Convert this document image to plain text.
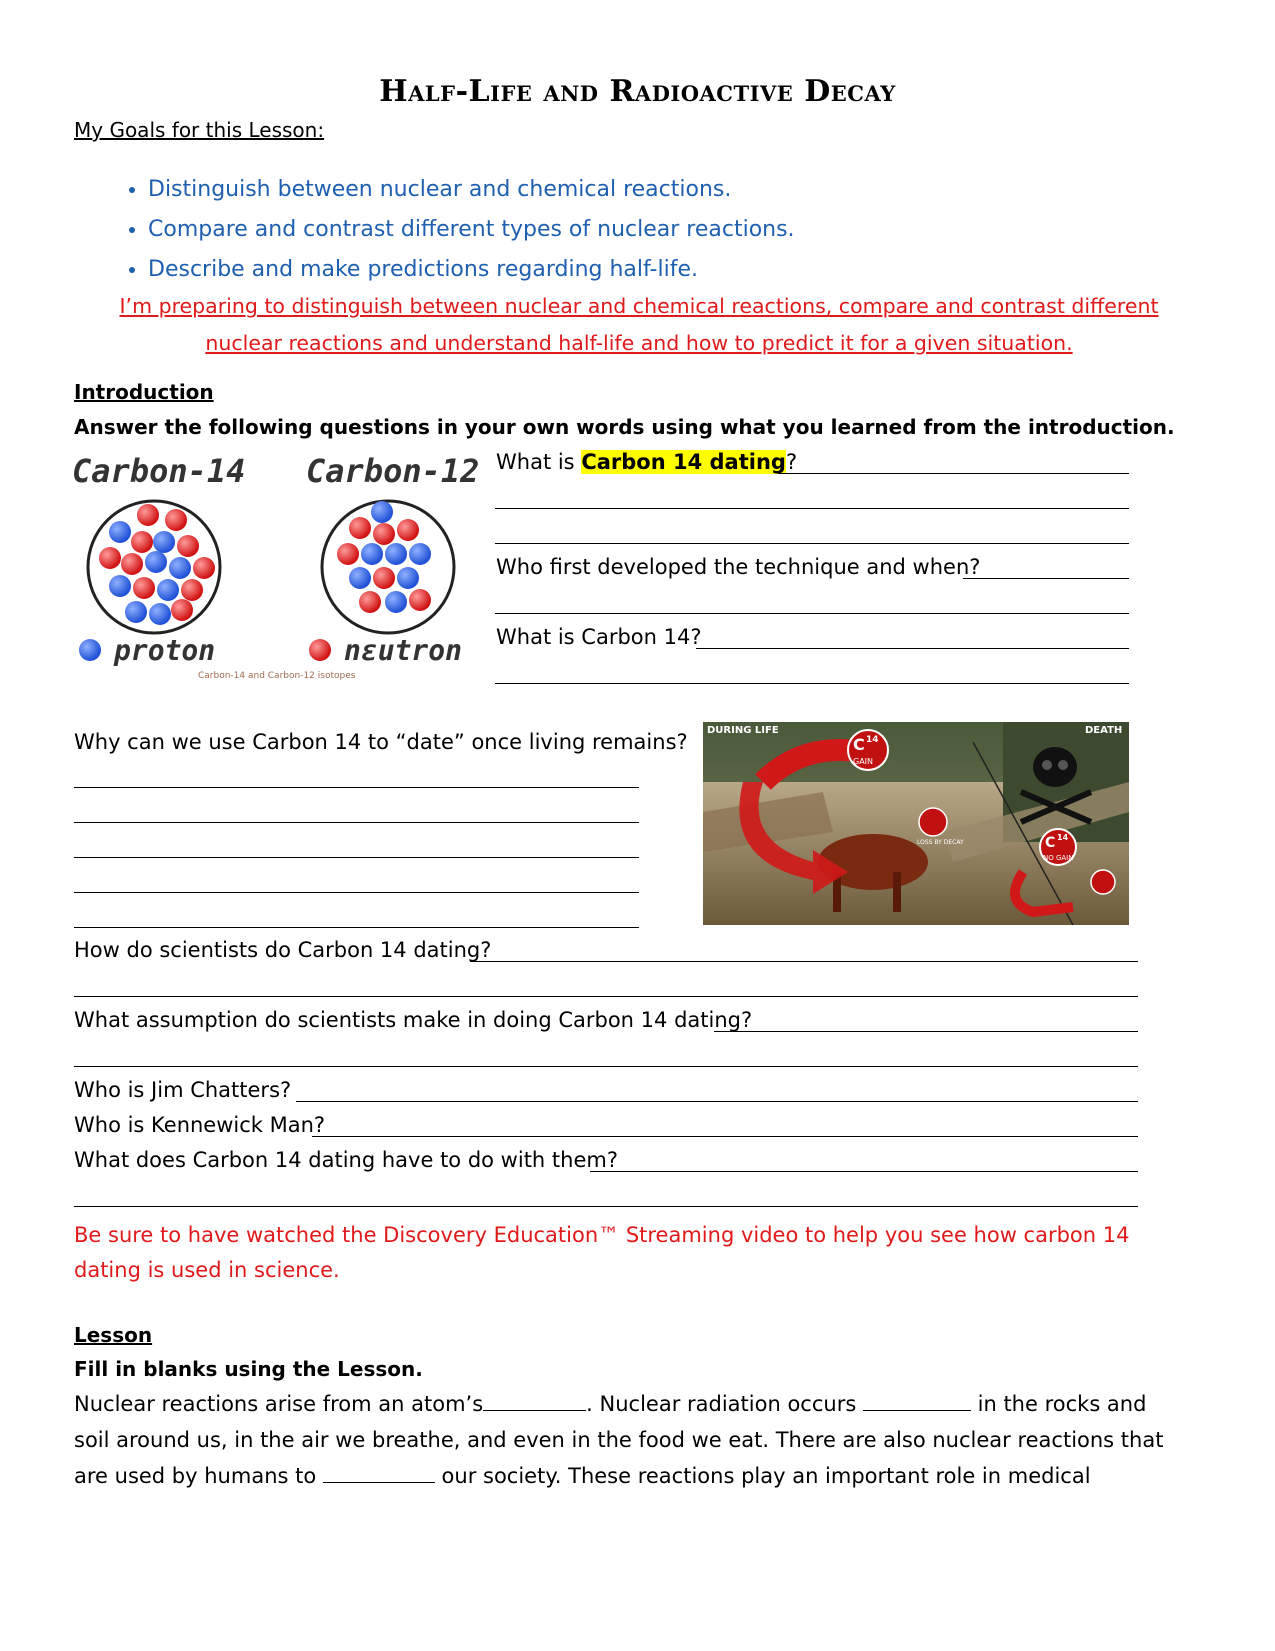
Half-Life and Radioactive Decay
My Goals for this Lesson:
• Distinguish between nuclear and chemical reactions.
• Compare and contrast different types of nuclear reactions.
• Describe and make predictions regarding half-life.
I’m preparing to distinguish between nuclear and chemical reactions, compare and contrast different
nuclear reactions and understand half-life and how to predict it for a given situation.
Introduction
Answer the following questions in your own words using what you learned from the introduction.
Carbon-14 Carbon-12
proton	nεutron
Carbon-14 and Carbon-12 isotopes
What is Carbon 14 dating?
Who first developed the technique and when?
What is Carbon 14?
Why can we use Carbon 14 to “date” once living remains?	C 14
GAIN
LOSS BY DECAY	C 14
NO GAIN
DURING LIFE	DEATH
How do scientists do Carbon 14 dating?
What assumption do scientists make in doing Carbon 14 dating?
Who is Jim Chatters?
Who is Kennewick Man?
What does Carbon 14 dating have to do with them?
Be sure to have watched the Discovery Education™ Streaming video to help you see how carbon 14
dating is used in science.
Lesson
Fill in blanks using the Lesson.
Nuclear reactions arise from an atom’s	. Nuclear radiation occurs	in the rocks and
soil around us, in the air we breathe, and even in the food we eat. There are also nuclear reactions that
are used by humans to	our society. These reactions play an important role in medical
